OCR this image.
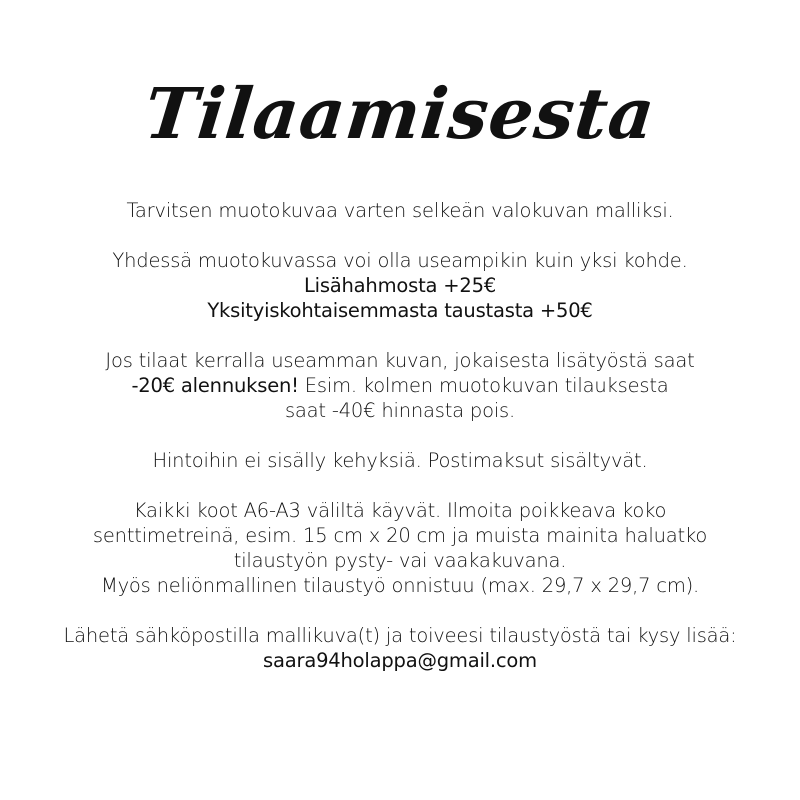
Tilaamisesta
Tarvitsen muotokuvaa varten selkeän valokuvan malliksi.
Yhdessä muotokuvassa voi olla useampikin kuin yksi kohde.
Lisähahmosta +25€
Yksityiskohtaisemmasta taustasta +50€
Jos tilaat kerralla useamman kuvan, jokaisesta lisätyöstä saat
-20€ alennuksen! Esim. kolmen muotokuvan tilauksesta
saat -40€ hinnasta pois.
Hintoihin ei sisälly kehyksiä. Postimaksut sisältyvät.
Kaikki koot A6-A3 väliltä käyvät. Ilmoita poikkeava koko
senttimetreinä, esim. 15 cm x 20 cm ja muista mainita haluatko
tilaustyön pysty- vai vaakakuvana.
Myös neliönmallinen tilaustyö onnistuu (max. 29,7 x 29,7 cm).
Lähetä sähköpostilla mallikuva(t) ja toiveesi tilaustyöstä tai kysy lisää:
saara94holappa@gmail.com
